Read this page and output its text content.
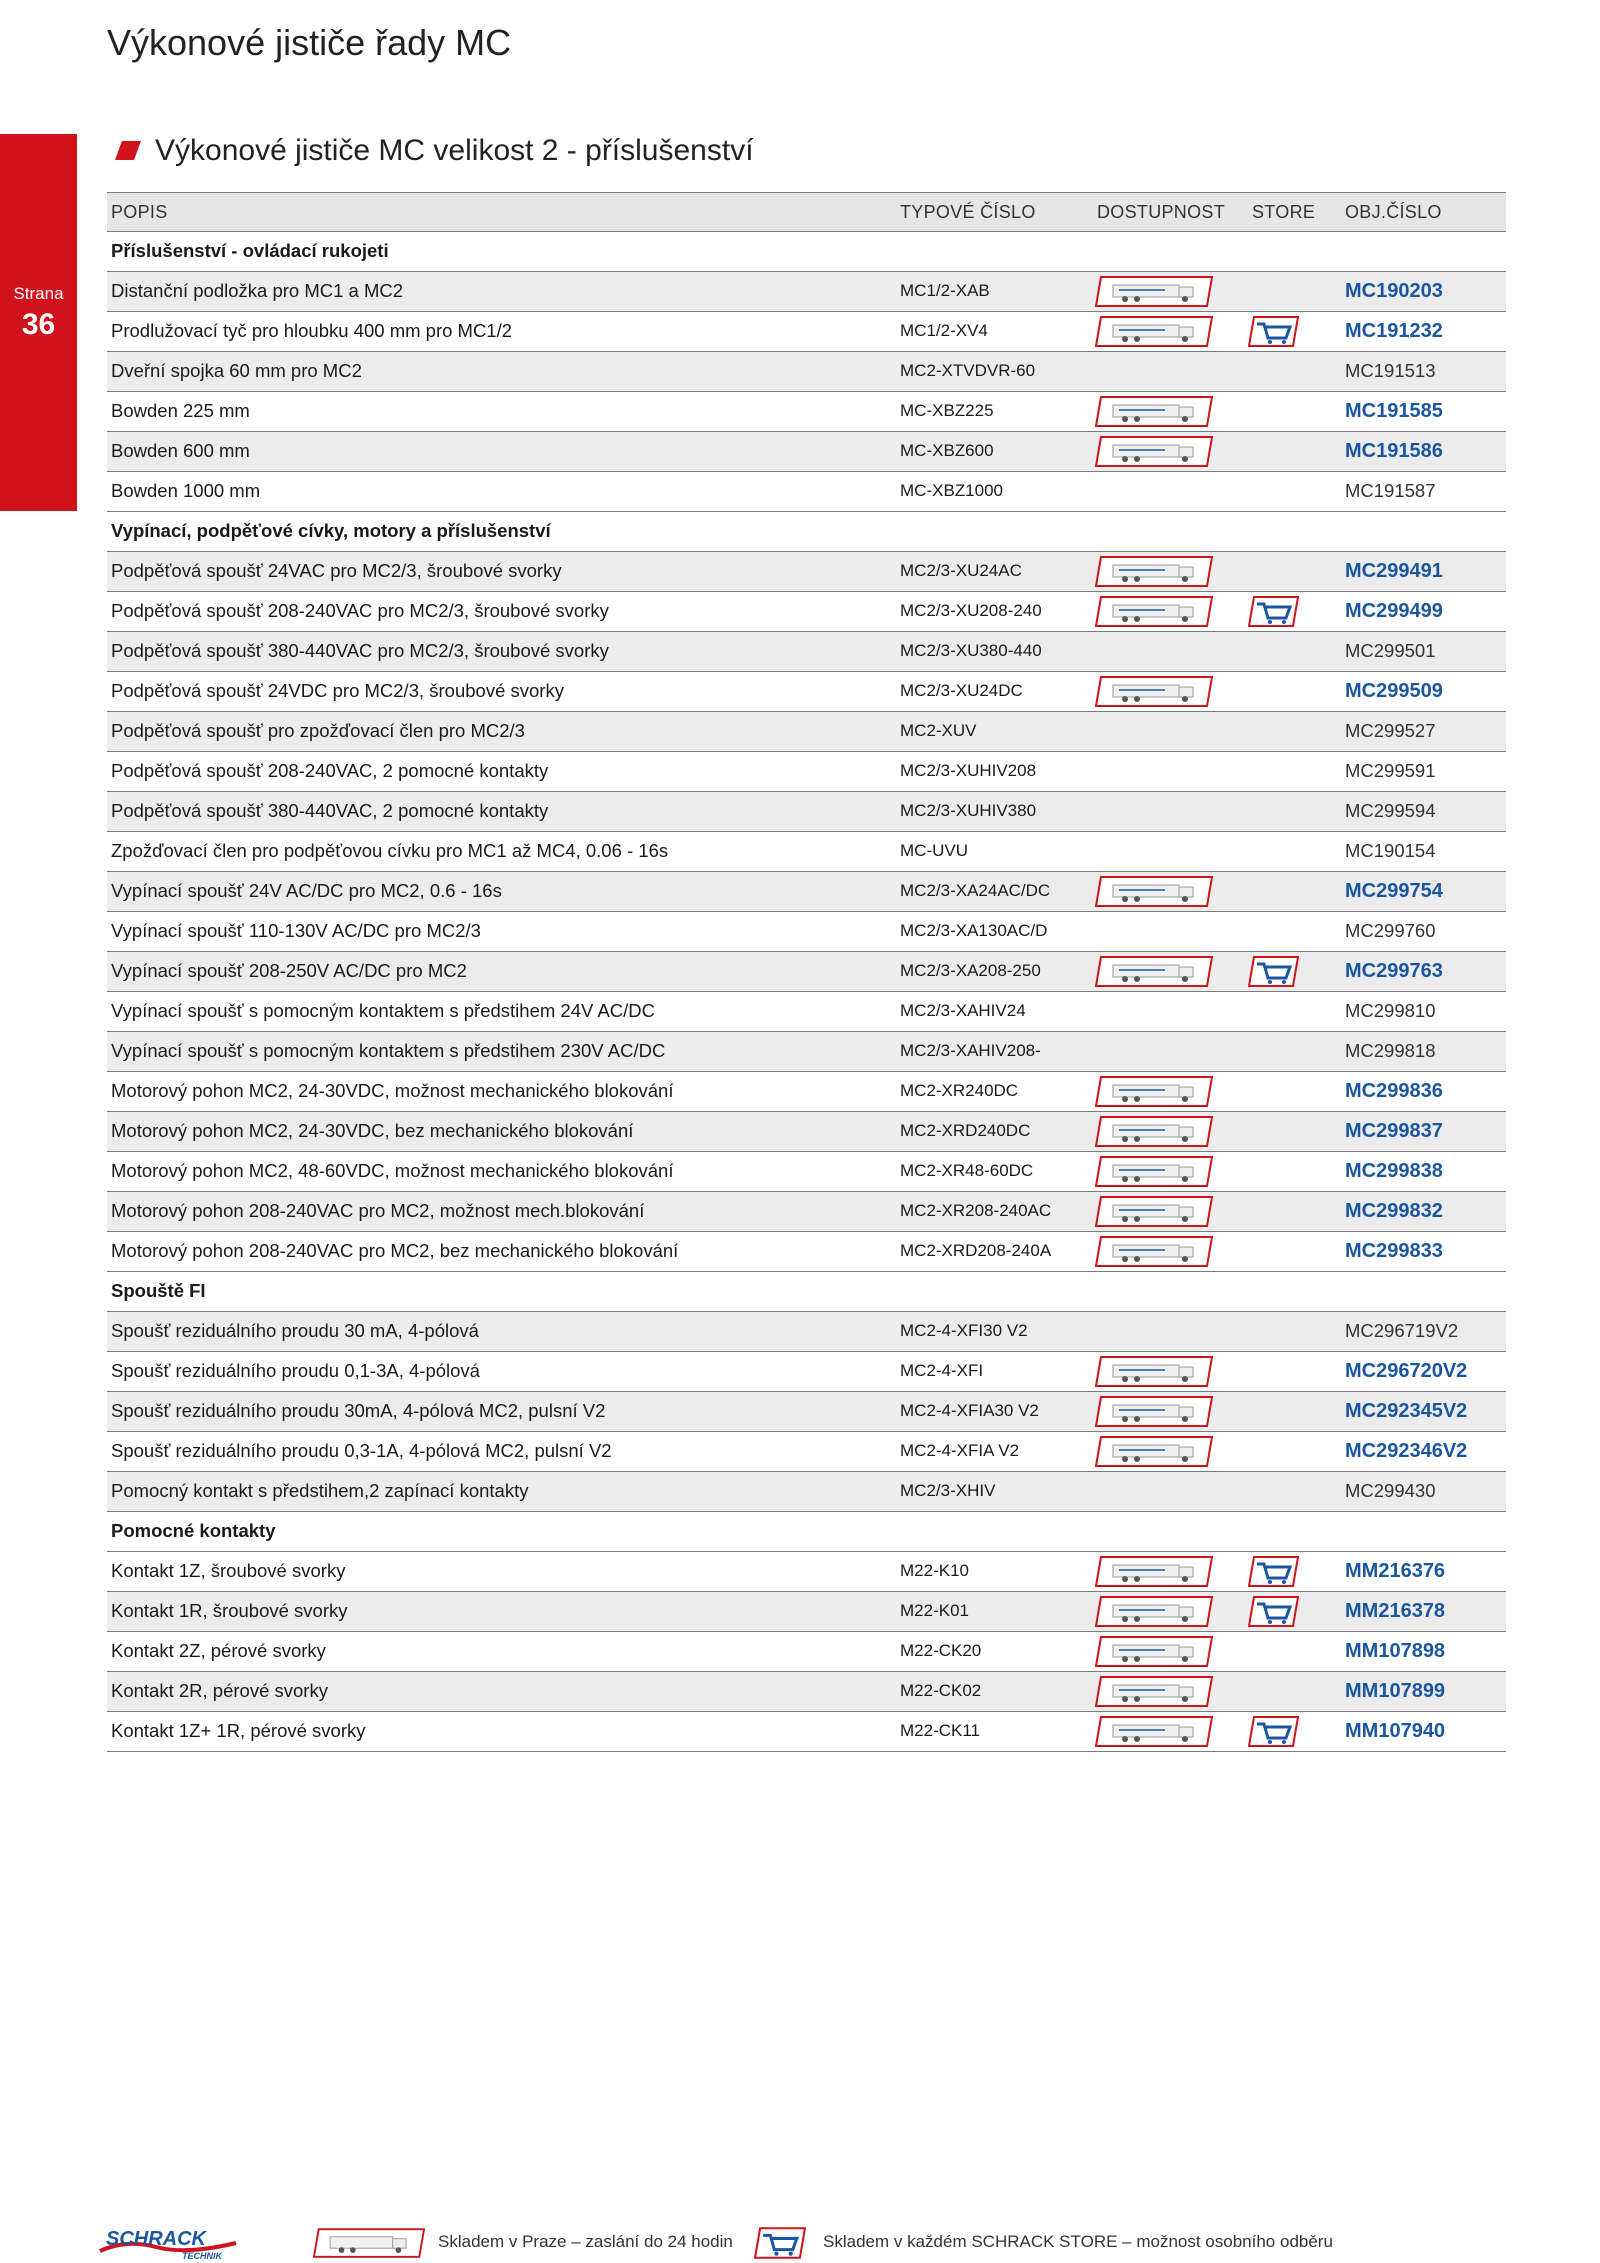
Výkonové jističe řady MC
Strana
36
Výkonové jističe MC velikost 2 - příslušenství
POPIS	TYPOVÉ ČÍSLO	DOSTUPNOST STORE OBJ.ČÍSLO
Příslušenství - ovládací rukojeti
Distanční podložka pro MC1 a MC2	MC1/2-XAB	MC190203
Prodlužovací tyč pro hloubku 400 mm pro MC1/2	MC1/2-XV4	MC191232
Dveřní spojka 60 mm pro MC2	MC2-XTVDVR-60	MC191513
Bowden 225 mm	MC-XBZ225	MC191585
Bowden 600 mm	MC-XBZ600	MC191586
Bowden 1000 mm	MC-XBZ1000	MC191587
Vypínací, podpěťové cívky, motory a příslušenství
Podpěťová spoušť 24VAC pro MC2/3, šroubové svorky	MC2/3-XU24AC	MC299491
Podpěťová spoušť 208-240VAC pro MC2/3, šroubové svorky	MC2/3-XU208-240	MC299499
Podpěťová spoušť 380-440VAC pro MC2/3, šroubové svorky	MC2/3-XU380-440	MC299501
Podpěťová spoušť 24VDC pro MC2/3, šroubové svorky	MC2/3-XU24DC	MC299509
Podpěťová spoušť pro zpožďovací člen pro MC2/3	MC2-XUV	MC299527
Podpěťová spoušť 208-240VAC, 2 pomocné kontakty	MC2/3-XUHIV208	MC299591
Podpěťová spoušť 380-440VAC, 2 pomocné kontakty	MC2/3-XUHIV380	MC299594
Zpožďovací člen pro podpěťovou cívku pro MC1 až MC4, 0.06 - 16s	MC-UVU	MC190154
Vypínací spoušť 24V AC/DC pro MC2, 0.6 - 16s	MC2/3-XA24AC/DC	MC299754
Vypínací spoušť 110-130V AC/DC pro MC2/3	MC2/3-XA130AC/D	MC299760
Vypínací spoušť 208-250V AC/DC pro MC2	MC2/3-XA208-250	MC299763
Vypínací spoušť s pomocným kontaktem s předstihem 24V AC/DC	MC2/3-XAHIV24	MC299810
Vypínací spoušť s pomocným kontaktem s předstihem 230V AC/DC	MC2/3-XAHIV208-	MC299818
Motorový pohon MC2, 24-30VDC, možnost mechanického blokování	MC2-XR240DC	MC299836
Motorový pohon MC2, 24-30VDC, bez mechanického blokování	MC2-XRD240DC	MC299837
Motorový pohon MC2, 48-60VDC, možnost mechanického blokování	MC2-XR48-60DC	MC299838
Motorový pohon 208-240VAC pro MC2, možnost mech.blokování	MC2-XR208-240AC	MC299832
Motorový pohon 208-240VAC pro MC2, bez mechanického blokování	MC2-XRD208-240A	MC299833
Spouště FI
Spoušť reziduálního proudu 30 mA, 4-pólová	MC2-4-XFI30 V2	MC296719V2
Spoušť reziduálního proudu 0,1-3A, 4-pólová	MC2-4-XFI	MC296720V2
Spoušť reziduálního proudu 30mA, 4-pólová MC2, pulsní V2	MC2-4-XFIA30 V2	MC292345V2
Spoušť reziduálního proudu 0,3-1A, 4-pólová MC2, pulsní V2	MC2-4-XFIA V2	MC292346V2
Pomocný kontakt s předstihem,2 zapínací kontakty	MC2/3-XHIV	MC299430
Pomocné kontakty
Kontakt 1Z, šroubové svorky	M22-K10	MM216376
Kontakt 1R, šroubové svorky	M22-K01	MM216378
Kontakt 2Z, pérové svorky	M22-CK20	MM107898
Kontakt 2R, pérové svorky	M22-CK02	MM107899
Kontakt 1Z+ 1R, pérové svorky	M22-CK11	MM107940
SCHRACK
TECHNIK
Skladem v Praze – zaslání do 24 hodin	Skladem v každém SCHRACK STORE – možnost osobního odběru
